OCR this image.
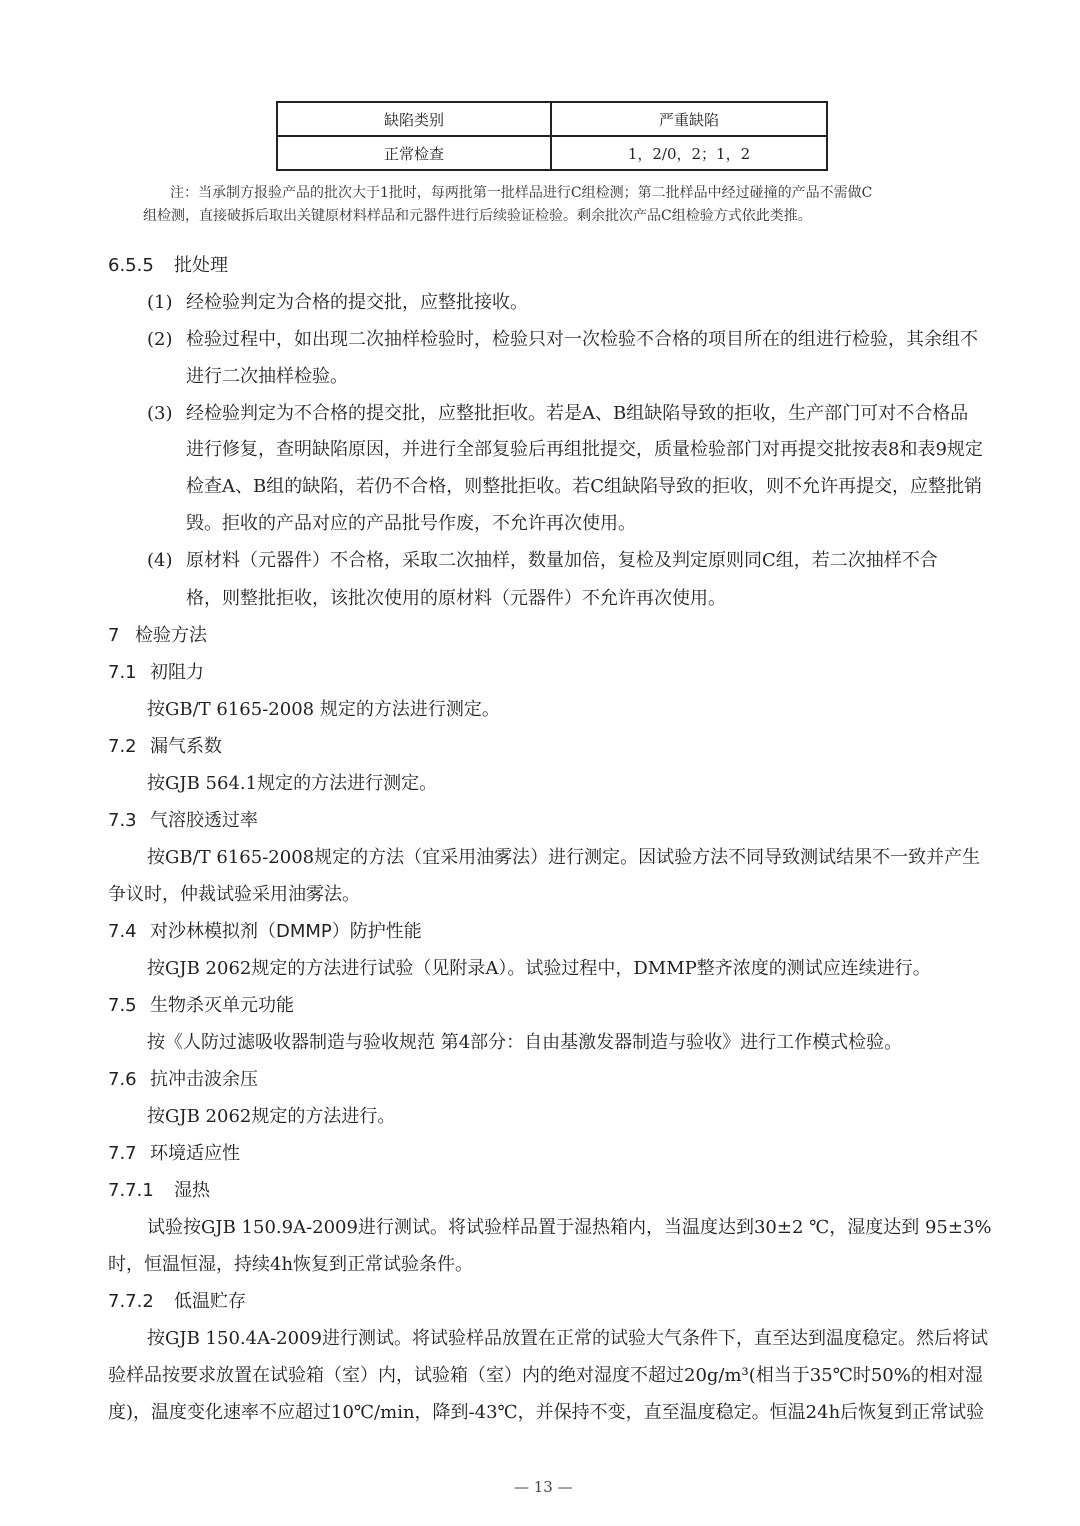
缺陷类别	严重缺陷
正常检查	1，2/0，2；1，2
注：当承制方报验产品的批次大于1批时，每两批第一批样品进行C组检测；第二批样品中经过碰撞的产品不需做C
组检测，直接破拆后取出关键原材料样品和元器件进行后续验证检验。剩余批次产品C组检验方式依此类推。
6.5.5 批处理
(1) 经检验判定为合格的提交批，应整批接收。
(2) 检验过程中，如出现二次抽样检验时，检验只对一次检验不合格的项目所在的组进行检验，其余组不
进行二次抽样检验。
(3) 经检验判定为不合格的提交批，应整批拒收。若是A、B组缺陷导致的拒收，生产部门可对不合格品
进行修复，查明缺陷原因，并进行全部复验后再组批提交，质量检验部门对再提交批按表8和表9规定
检查A、B组的缺陷，若仍不合格，则整批拒收。若C组缺陷导致的拒收，则不允许再提交，应整批销
毁。拒收的产品对应的产品批号作废，不允许再次使用。
(4) 原材料（元器件）不合格，采取二次抽样，数量加倍，复检及判定原则同C组，若二次抽样不合
格，则整批拒收，该批次使用的原材料（元器件）不允许再次使用。
7 检验方法
7.1 初阻力
按GB/T 6165-2008 规定的方法进行测定。
7.2 漏气系数
按GJB 564.1规定的方法进行测定。
7.3 气溶胶透过率
按GB/T 6165-2008规定的方法（宜采用油雾法）进行测定。因试验方法不同导致测试结果不一致并产生
争议时，仲裁试验采用油雾法。
7.4 对沙林模拟剂（DMMP）防护性能
按GJB 2062规定的方法进行试验（见附录A）。试验过程中，DMMP整齐浓度的测试应连续进行。
7.5 生物杀灭单元功能
按《人防过滤吸收器制造与验收规范 第4部分：自由基激发器制造与验收》进行工作模式检验。
7.6 抗冲击波余压
按GJB 2062规定的方法进行。
7.7 环境适应性
7.7.1 湿热
试验按GJB 150.9A-2009进行测试。将试验样品置于湿热箱内，当温度达到30±2 ℃，湿度达到 95±3%
时，恒温恒湿，持续4h恢复到正常试验条件。
7.7.2 低温贮存
按GJB 150.4A-2009进行测试。将试验样品放置在正常的试验大气条件下，直至达到温度稳定。然后将试
验样品按要求放置在试验箱（室）内，试验箱（室）内的绝对湿度不超过20g/m³(相当于35℃时50%的相对湿
度)，温度变化速率不应超过10℃/min，降到-43℃，并保持不变，直至温度稳定。恒温24h后恢复到正常试验
— 13 —
